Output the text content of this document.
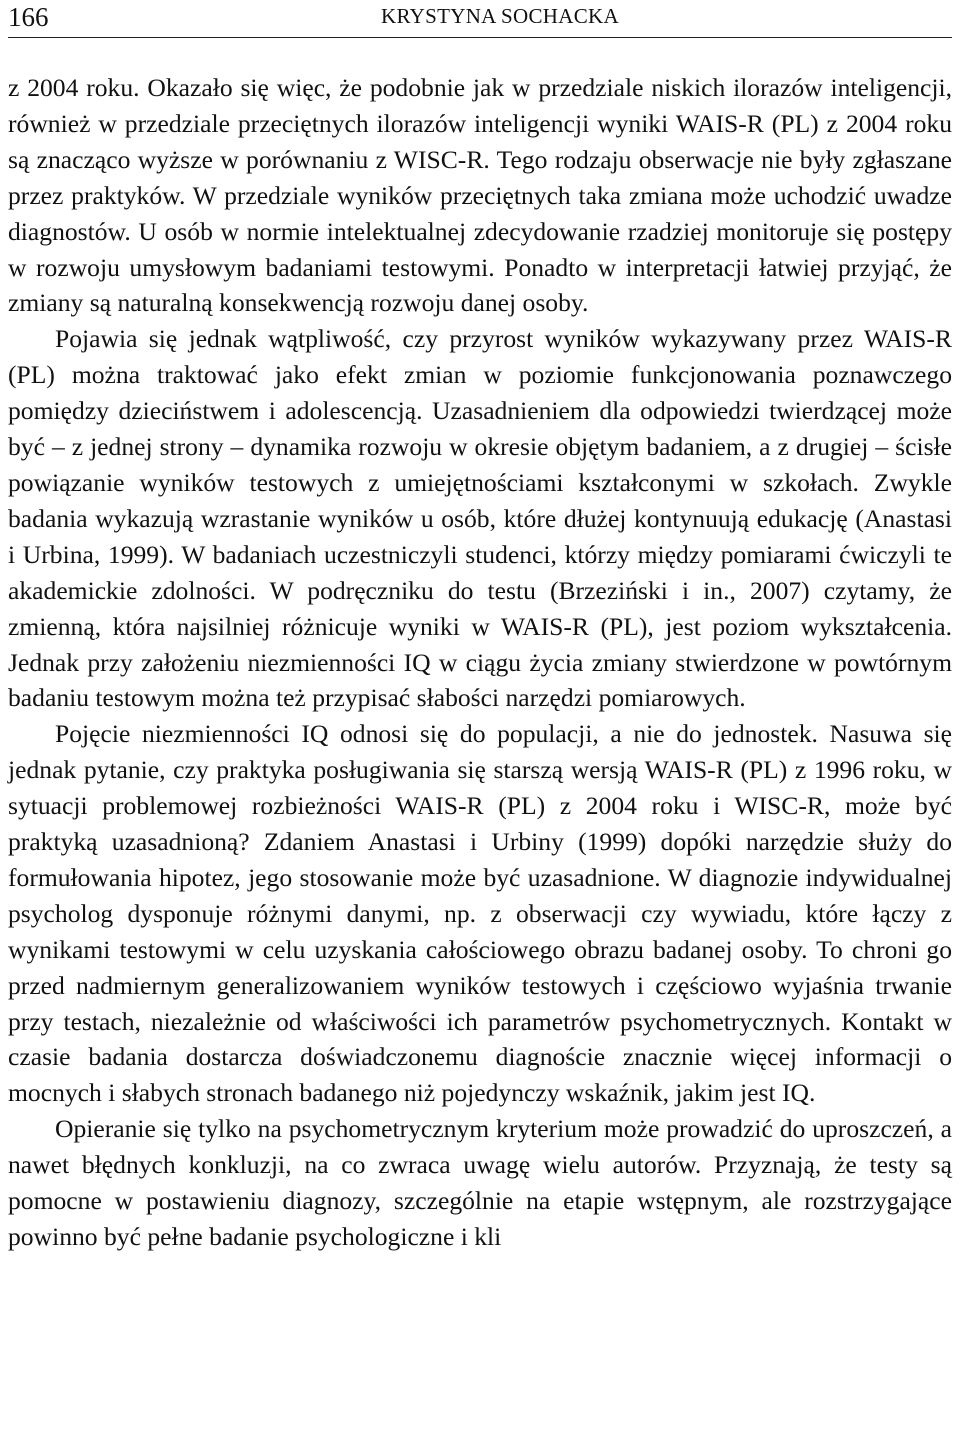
166	KRYSTYNA SOCHACKA

z 2004 roku. Okazało się więc, że podobnie jak w przedziale niskich ilorazów inteligencji, również w przedziale przeciętnych ilorazów inteligencji wyniki WAIS-R (PL) z 2004 roku są znacząco wyższe w porównaniu z WISC-R. Tego rodzaju obserwacje nie były zgłaszane przez praktyków. W przedziale wyników przeciętnych taka zmiana może uchodzić uwadze diagnostów. U osób w normie intelektualnej zdecydowanie rzadziej monitoruje się postępy w rozwoju umysłowym badaniami testowymi. Ponadto w interpretacji łatwiej przyjąć, że zmiany są naturalną konsekwencją rozwoju danej osoby.

Pojawia się jednak wątpliwość, czy przyrost wyników wykazywany przez WAIS-R (PL) można traktować jako efekt zmian w poziomie funkcjonowania poznawczego pomiędzy dzieciństwem i adolescencją. Uzasadnieniem dla odpowiedzi twierdzącej może być – z jednej strony – dynamika rozwoju w okresie objętym badaniem, a z drugiej – ścisłe powiązanie wyników testowych z umiejętnościami kształconymi w szkołach. Zwykle badania wykazują wzrastanie wyników u osób, które dłużej kontynuują edukację (Anastasi i Urbina, 1999). W badaniach uczestniczyli studenci, którzy między pomiarami ćwiczyli te akademickie zdolności. W podręczniku do testu (Brzeziński i in., 2007) czytamy, że zmienną, która najsilniej różnicuje wyniki w WAIS-R (PL), jest poziom wykształcenia. Jednak przy założeniu niezmienności IQ w ciągu życia zmiany stwierdzone w powtórnym badaniu testowym można też przypisać słabości narzędzi pomiarowych.

Pojęcie niezmienności IQ odnosi się do populacji, a nie do jednostek. Nasuwa się jednak pytanie, czy praktyka posługiwania się starszą wersją WAIS-R (PL) z 1996 roku, w sytuacji problemowej rozbieżności WAIS-R (PL) z 2004 roku i WISC-R, może być praktyką uzasadnioną? Zdaniem Anastasi i Urbiny (1999) dopóki narzędzie służy do formułowania hipotez, jego stosowanie może być uzasadnione. W diagnozie indywidualnej psycholog dysponuje różnymi danymi, np. z obserwacji czy wywiadu, które łączy z wynikami testowymi w celu uzyskania całościowego obrazu badanej osoby. To chroni go przed nadmiernym generalizowaniem wyników testowych i częściowo wyjaśnia trwanie przy testach, niezależnie od właściwości ich parametrów psychometrycznych. Kontakt w czasie badania dostarcza doświadczonemu diagnoście znacznie więcej informacji o mocnych i słabych stronach badanego niż pojedynczy wskaźnik, jakim jest IQ.

Opieranie się tylko na psychometrycznym kryterium może prowadzić do uproszczeń, a nawet błędnych konkluzji, na co zwraca uwagę wielu autorów. Przyznają, że testy są pomocne w postawieniu diagnozy, szczególnie na etapie wstępnym, ale rozstrzygające powinno być pełne badanie psychologiczne i kli
